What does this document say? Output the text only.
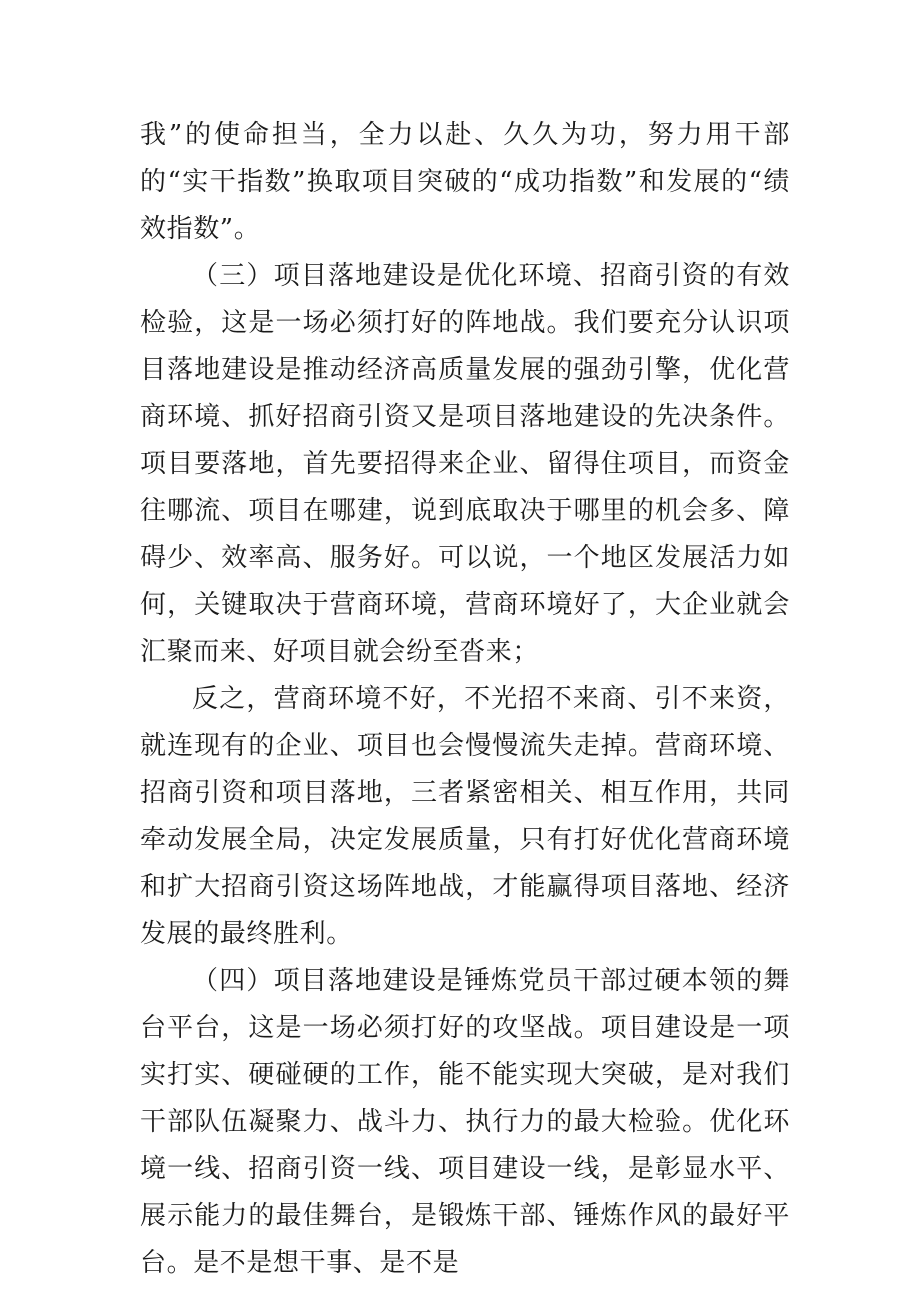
我”的使命担当，全力以赴、久久为功，努力用干部的“实干指数”换取项目突破的“成功指数”和发展的“绩效指数”。

（三）项目落地建设是优化环境、招商引资的有效检验，这是一场必须打好的阵地战。我们要充分认识项目落地建设是推动经济高质量发展的强劲引擎，优化营商环境、抓好招商引资又是项目落地建设的先决条件。项目要落地，首先要招得来企业、留得住项目，而资金往哪流、项目在哪建，说到底取决于哪里的机会多、障碍少、效率高、服务好。可以说，一个地区发展活力如何，关键取决于营商环境，营商环境好了，大企业就会汇聚而来、好项目就会纷至沓来；

反之，营商环境不好，不光招不来商、引不来资，就连现有的企业、项目也会慢慢流失走掉。营商环境、招商引资和项目落地，三者紧密相关、相互作用，共同牵动发展全局，决定发展质量，只有打好优化营商环境和扩大招商引资这场阵地战，才能赢得项目落地、经济发展的最终胜利。

（四）项目落地建设是锤炼党员干部过硬本领的舞台平台，这是一场必须打好的攻坚战。项目建设是一项实打实、硬碰硬的工作，能不能实现大突破，是对我们干部队伍凝聚力、战斗力、执行力的最大检验。优化环境一线、招商引资一线、项目建设一线，是彰显水平、展示能力的最佳舞台，是锻炼干部、锤炼作风的最好平台。是不是想干事、是不是
